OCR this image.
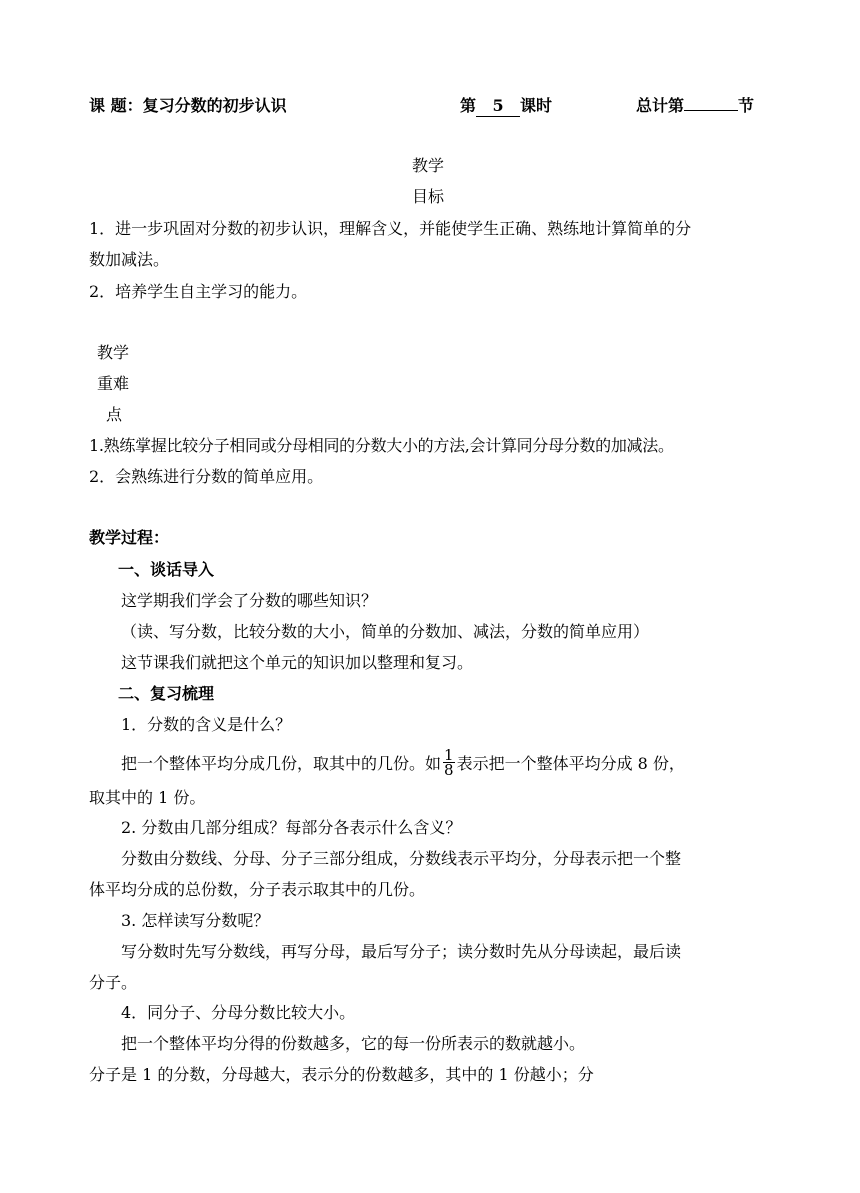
课 题：复习分数的初步认识	第 5 课时	总计第	节
教学
目标
1．进一步巩固对分数的初步认识，理解含义，并能使学生正确、熟练地计算简单的分
数加减法。
2．培养学生自主学习的能力。
教学
重难
点
1.熟练掌握比较分子相同或分母相同的分数大小的方法,会计算同分母分数的加减法。
2．会熟练进行分数的简单应用。
教学过程：
一、谈话导入
这学期我们学会了分数的哪些知识？
（读、写分数，比较分数的大小，简单的分数加、减法，分数的简单应用）
这节课我们就把这个单元的知识加以整理和复习。
二、复习梳理
1．分数的含义是什么？
把一个整体平均分成几份，取其中的几份。如 $\frac{1}{8}$ 表示把一个整体平均分成 8 份，
取其中的 1 份。
2. 分数由几部分组成？每部分各表示什么含义？
分数由分数线、分母、分子三部分组成，分数线表示平均分，分母表示把一个整
体平均分成的总份数，分子表示取其中的几份。
3. 怎样读写分数呢？
写分数时先写分数线，再写分母，最后写分子；读分数时先从分母读起，最后读
分子。
4．同分子、分母分数比较大小。
把一个整体平均分得的份数越多，它的每一份所表示的数就越小。
分子是 1 的分数，分母越大，表示分的份数越多，其中的 1 份越小；分
